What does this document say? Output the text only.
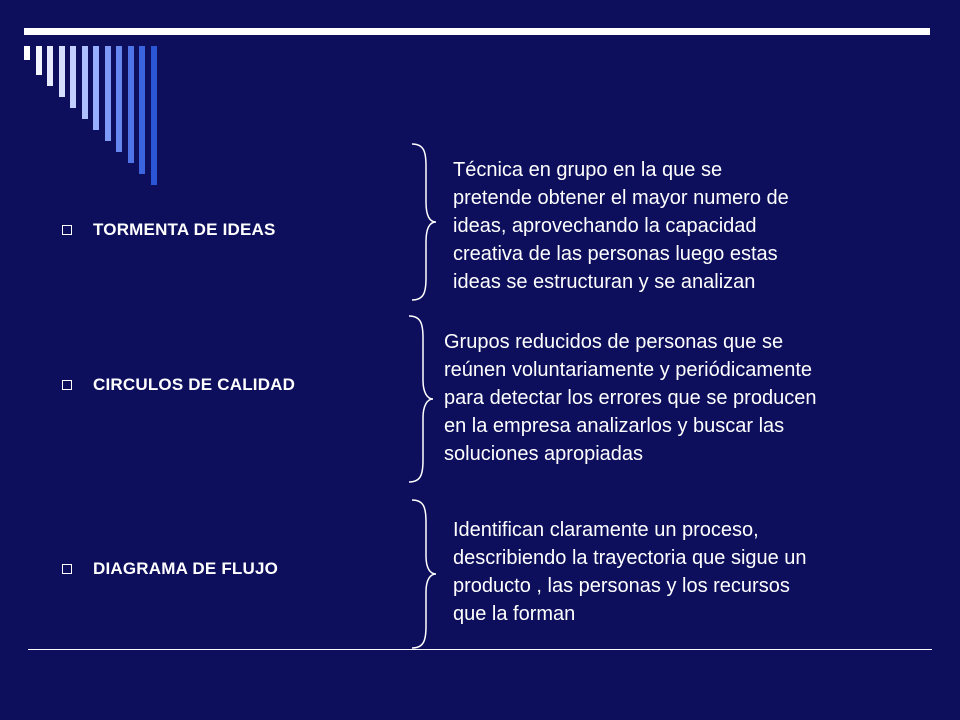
TORMENTA DE IDEAS
Técnica en grupo en la que se
pretende obtener el mayor numero de
ideas, aprovechando la capacidad
creativa de las personas luego estas
ideas se estructuran y se analizan
CIRCULOS DE CALIDAD
Grupos reducidos de personas que se
reúnen voluntariamente y periódicamente
para detectar los errores que se producen
en la empresa analizarlos y buscar las
soluciones apropiadas
DIAGRAMA DE FLUJO
Identifican claramente un proceso,
describiendo la trayectoria que sigue un
producto , las personas y los recursos
que la forman
